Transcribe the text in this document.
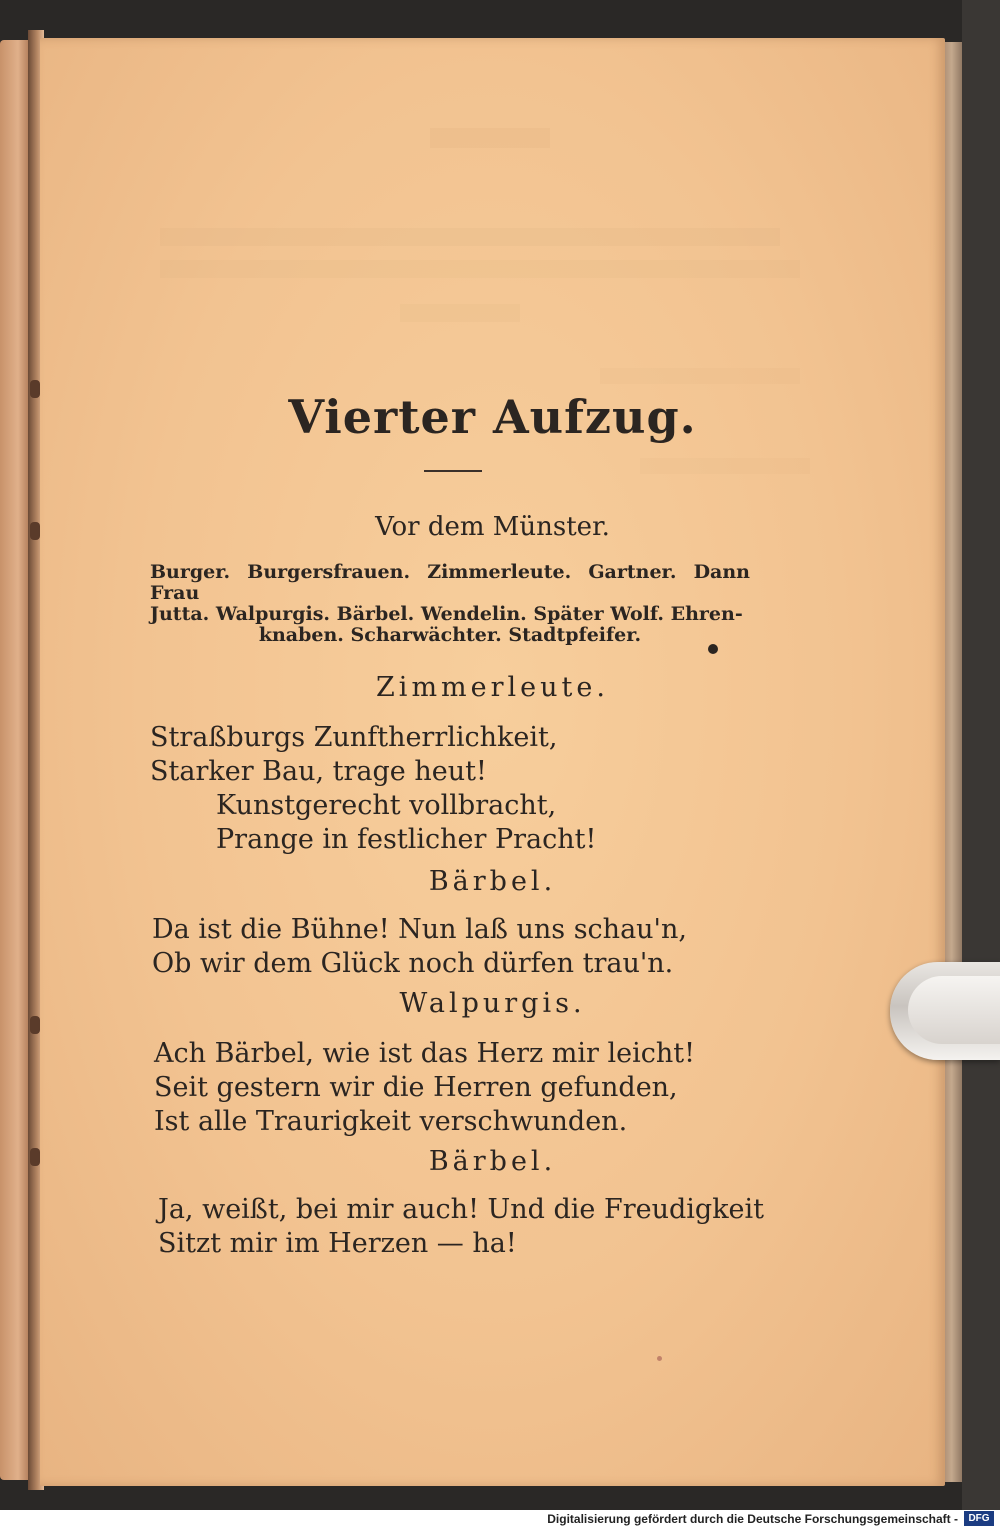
Vierter Aufzug.
Vor dem Münster.
Burger. Burgersfrauen. Zimmerleute. Gartner. Dann Frau
Jutta. Walpurgis. Bärbel. Wendelin. Später Wolf. Ehren-
knaben. Scharwächter. Stadtpfeifer.
Zimmerleute.
Straßburgs Zunftherrlichkeit,
Starker Bau, trage heut!
Kunstgerecht vollbracht,
Prange in festlicher Pracht!
Bärbel.
Da ist die Bühne! Nun laß uns schau'n,
Ob wir dem Glück noch dürfen trau'n.
Walpurgis.
Ach Bärbel, wie ist das Herz mir leicht!
Seit gestern wir die Herren gefunden,
Ist alle Traurigkeit verschwunden.
Bärbel.
Ja, weißt, bei mir auch! Und die Freudigkeit
Sitzt mir im Herzen — ha!
Digitalisierung gefördert durch die Deutsche Forschungsgemeinschaft -	DFG
